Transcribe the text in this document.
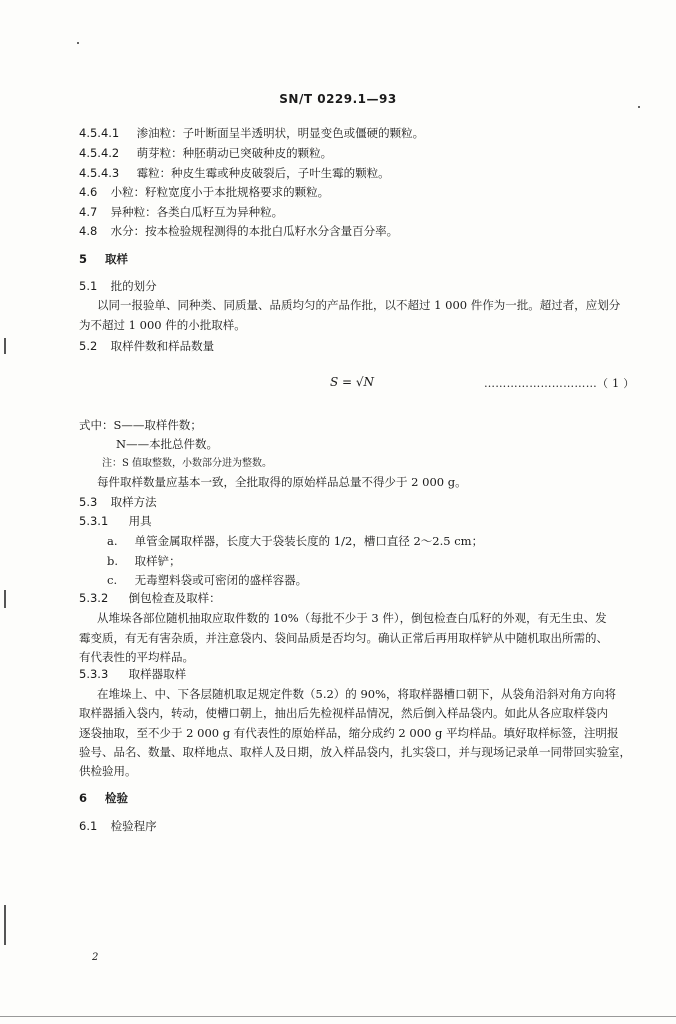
SN/T 0229.1—93
4.5.4.1 渗油粒：子叶断面呈半透明状，明显变色或僵硬的颗粒。
4.5.4.2 萌芽粒：种胚萌动已突破种皮的颗粒。
4.5.4.3 霉粒：种皮生霉或种皮破裂后，子叶生霉的颗粒。
4.6 小粒：籽粒宽度小于本批规格要求的颗粒。
4.7 异种粒：各类白瓜籽互为异种粒。
4.8 水分：按本检验规程测得的本批白瓜籽水分含量百分率。
5 取样
5.1 批的划分
以同一报验单、同种类、同质量、品质均匀的产品作批，以不超过 1 000 件作为一批。超过者，应划分
为不超过 1 000 件的小批取样。
5.2 取样件数和样品数量
S = √N	…………………………（ 1 ）
式中：S——取样件数；
N——本批总件数。
注：S 值取整数，小数部分进为整数。
每件取样数量应基本一致，全批取得的原始样品总量不得少于 2 000 g。
5.3 取样方法
5.3.1 用具
a. 单管金属取样器，长度大于袋装长度的 1/2，槽口直径 2～2.5 cm；
b. 取样铲；
c. 无毒塑料袋或可密闭的盛样容器。
5.3.2 倒包检查及取样：
从堆垛各部位随机抽取应取件数的 10%（每批不少于 3 件），倒包检查白瓜籽的外观，有无生虫、发
霉变质，有无有害杂质，并注意袋内、袋间品质是否均匀。确认正常后再用取样铲从中随机取出所需的、
有代表性的平均样品。
5.3.3 取样器取样
在堆垛上、中、下各层随机取足规定件数（5.2）的 90%，将取样器槽口朝下，从袋角沿斜对角方向将
取样器插入袋内，转动，使槽口朝上，抽出后先检视样品情况，然后倒入样品袋内。如此从各应取样袋内
逐袋抽取，至不少于 2 000 g 有代表性的原始样品，缩分成约 2 000 g 平均样品。填好取样标签，注明报
验号、品名、数量、取样地点、取样人及日期，放入样品袋内，扎实袋口，并与现场记录单一同带回实验室，
供检验用。
6 检验
6.1 检验程序
2
